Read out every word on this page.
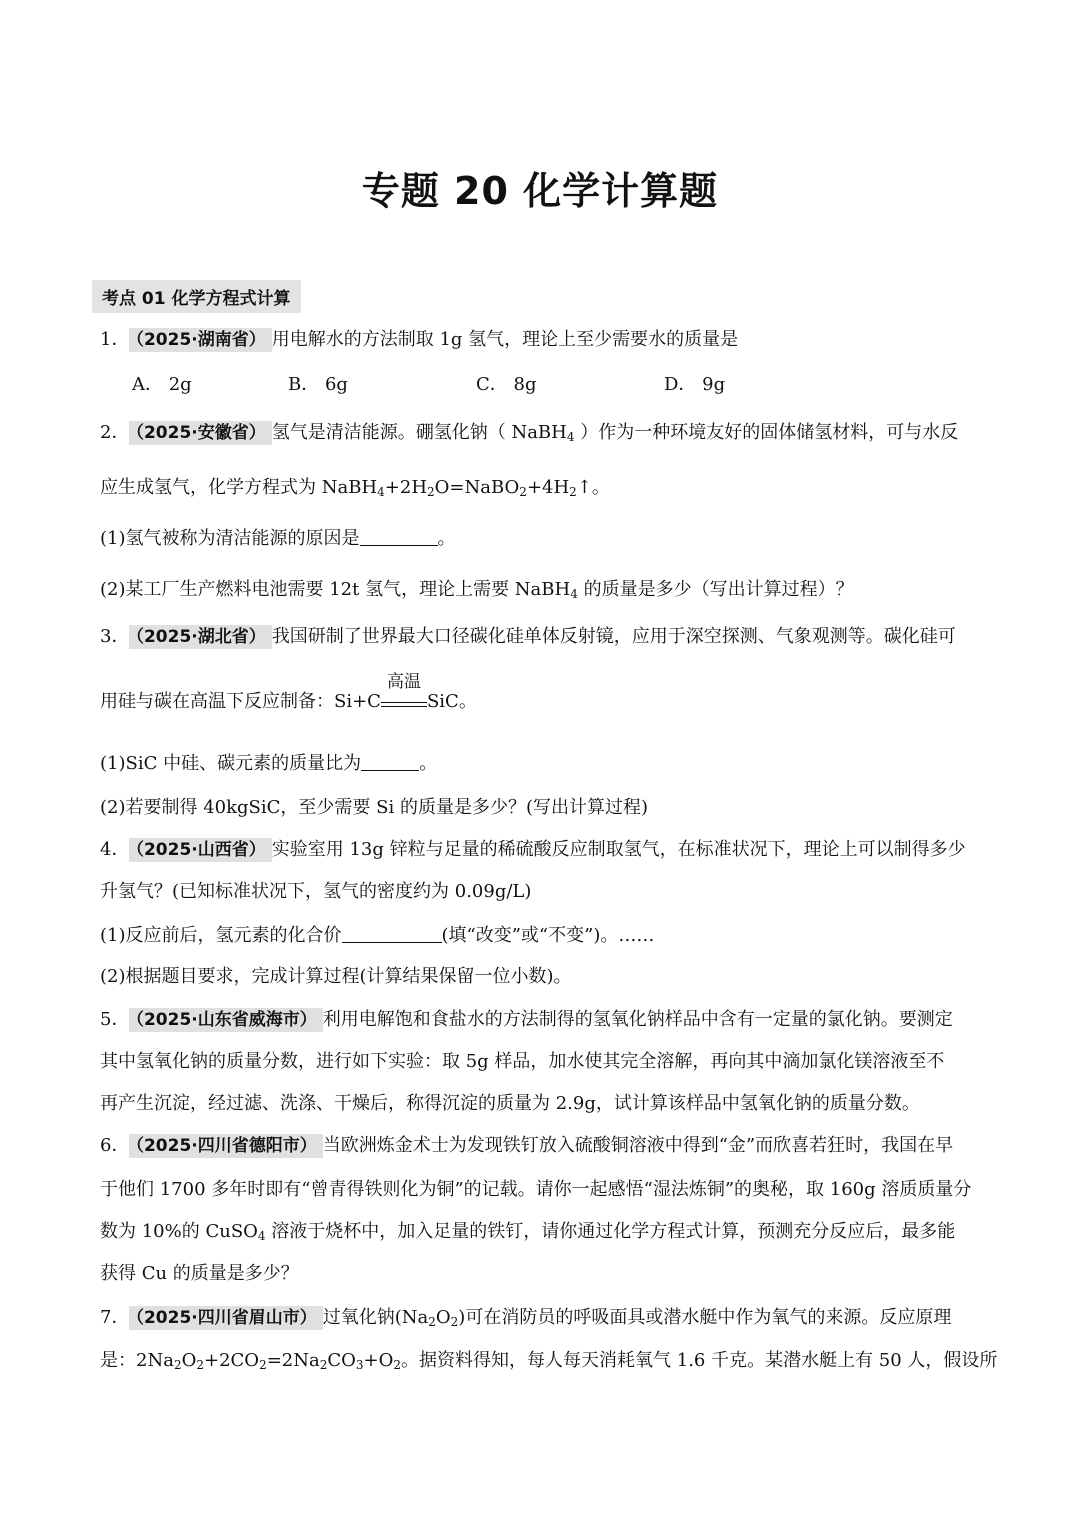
专题 20 化学计算题
考点 01 化学方程式计算
1． （2025·湖南省） 用电解水的方法制取 1g 氢气，理论上至少需要水的质量是
A． 2g	B． 6g	C． 8g	D． 9g
2． （2025·安徽省） 氢气是清洁能源。硼氢化钠（ NaBH$_4$ ）作为一种环境友好的固体储氢材料，可与水反
应生成氢气，化学方程式为 $NaBH_4+2H_2O=NaBO_2+4H_2↑$。
(1)氢气被称为清洁能源的原因是	。
(2)某工厂生产燃料电池需要 12t 氢气，理论上需要 NaBH$_4$ 的质量是多少（写出计算过程）？
3． （2025·湖北省） 我国研制了世界最大口径碳化硅单体反射镜，应用于深空探测、气象观测等。碳化硅可
用硅与碳在高温下反应制备：Si+C
高温
SiC。
(1)SiC 中硅、碳元素的质量比为	。
(2)若要制得 40kgSiC，至少需要 Si 的质量是多少？(写出计算过程)
4． （2025·山西省） 实验室用 13g 锌粒与足量的稀硫酸反应制取氢气，在标准状况下，理论上可以制得多少
升氢气？(已知标准状况下，氢气的密度约为 0.09g/L)
(1)反应前后，氢元素的化合价	(填“改变”或“不变”)。……
(2)根据题目要求，完成计算过程(计算结果保留一位小数)。
5． （2025·山东省威海市） 利用电解饱和食盐水的方法制得的氢氧化钠样品中含有一定量的氯化钠。要测定
其中氢氧化钠的质量分数，进行如下实验：取 5g 样品，加水使其完全溶解，再向其中滴加氯化镁溶液至不
再产生沉淀，经过滤、洗涤、干燥后，称得沉淀的质量为 2.9g，试计算该样品中氢氧化钠的质量分数。
6． （2025·四川省德阳市） 当欧洲炼金术士为发现铁钉放入硫酸铜溶液中得到“金”而欣喜若狂时，我国在早
于他们 1700 多年时即有“曾青得铁则化为铜”的记载。请你一起感悟“湿法炼铜”的奥秘，取 160g 溶质质量分
数为 10%的 CuSO$_4$ 溶液于烧杯中，加入足量的铁钉，请你通过化学方程式计算，预测充分反应后，最多能
获得 Cu 的质量是多少？
7． （2025·四川省眉山市） 过氧化钠$(Na_2O_2)$可在消防员的呼吸面具或潜水艇中作为氧气的来源。反应原理
是：$2Na_2O_2+2CO_2=2Na_2CO_3+O_2$。据资料得知，每人每天消耗氧气 1.6 千克。某潜水艇上有 50 人，假设所
